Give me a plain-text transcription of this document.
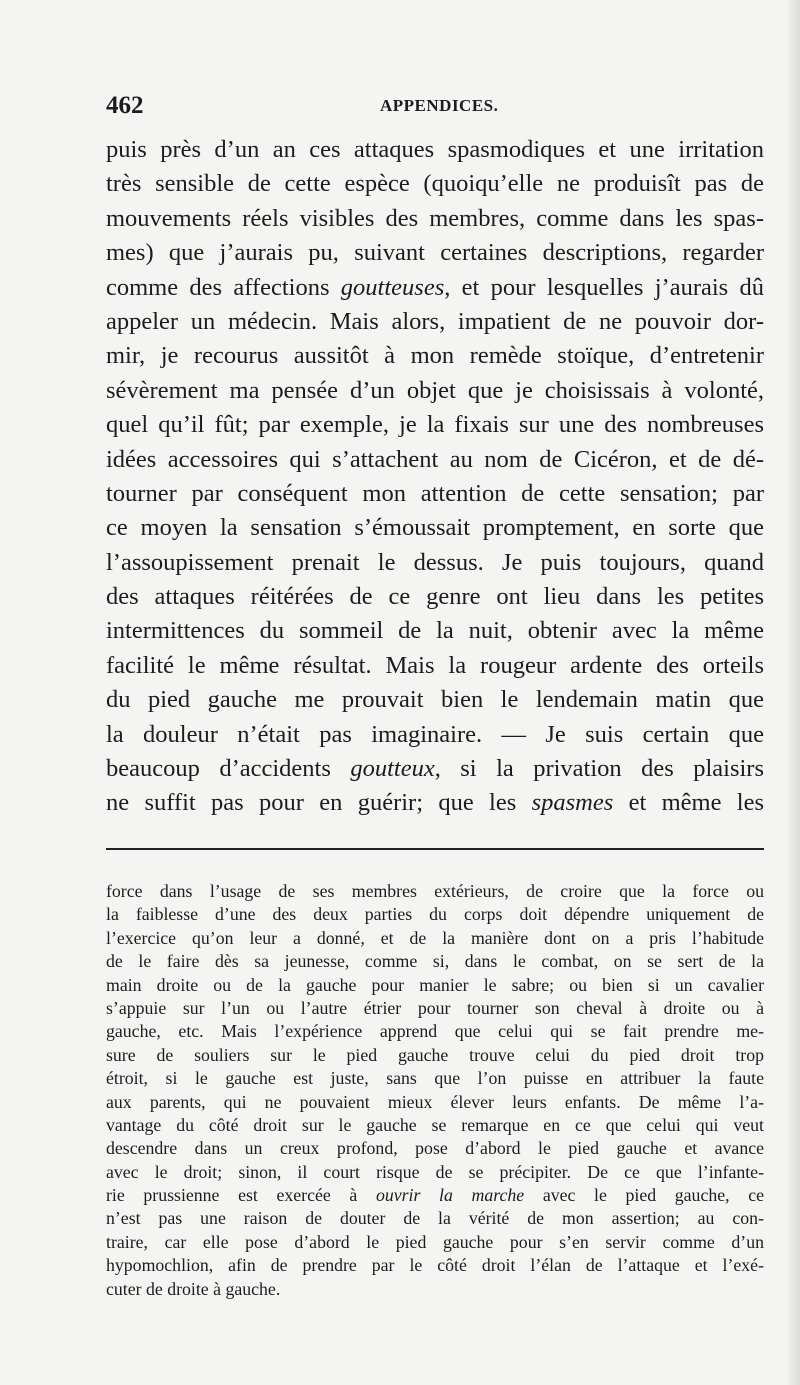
462	APPENDICES.
puis près d’un an ces attaques spasmodiques et une irritation
très sensible de cette espèce (quoiqu’elle ne produisît pas de
mouvements réels visibles des membres, comme dans les spas-
mes) que j’aurais pu, suivant certaines descriptions, regarder
comme des affections goutteuses, et pour lesquelles j’aurais dû
appeler un médecin. Mais alors, impatient de ne pouvoir dor-
mir, je recourus aussitôt à mon remède stoïque, d’entretenir
sévèrement ma pensée d’un objet que je choisissais à volonté,
quel qu’il fût; par exemple, je la fixais sur une des nombreuses
idées accessoires qui s’attachent au nom de Cicéron, et de dé-
tourner par conséquent mon attention de cette sensation; par
ce moyen la sensation s’émoussait promptement, en sorte que
l’assoupissement prenait le dessus. Je puis toujours, quand
des attaques réitérées de ce genre ont lieu dans les petites
intermittences du sommeil de la nuit, obtenir avec la même
facilité le même résultat. Mais la rougeur ardente des orteils
du pied gauche me prouvait bien le lendemain matin que
la douleur n’était pas imaginaire. — Je suis certain que
beaucoup d’accidents goutteux, si la privation des plaisirs
ne suffit pas pour en guérir; que les spasmes et même les
force dans l’usage de ses membres extérieurs, de croire que la force ou
la faiblesse d’une des deux parties du corps doit dépendre uniquement de
l’exercice qu’on leur a donné, et de la manière dont on a pris l’habitude
de le faire dès sa jeunesse, comme si, dans le combat, on se sert de la
main droite ou de la gauche pour manier le sabre; ou bien si un cavalier
s’appuie sur l’un ou l’autre étrier pour tourner son cheval à droite ou à
gauche, etc. Mais l’expérience apprend que celui qui se fait prendre me-
sure de souliers sur le pied gauche trouve celui du pied droit trop
étroit, si le gauche est juste, sans que l’on puisse en attribuer la faute
aux parents, qui ne pouvaient mieux élever leurs enfants. De même l’a-
vantage du côté droit sur le gauche se remarque en ce que celui qui veut
descendre dans un creux profond, pose d’abord le pied gauche et avance
avec le droit; sinon, il court risque de se précipiter. De ce que l’infante-
rie prussienne est exercée à ouvrir la marche avec le pied gauche, ce
n’est pas une raison de douter de la vérité de mon assertion; au con-
traire, car elle pose d’abord le pied gauche pour s’en servir comme d’un
hypomochlion, afin de prendre par le côté droit l’élan de l’attaque et l’exé-
cuter de droite à gauche.
